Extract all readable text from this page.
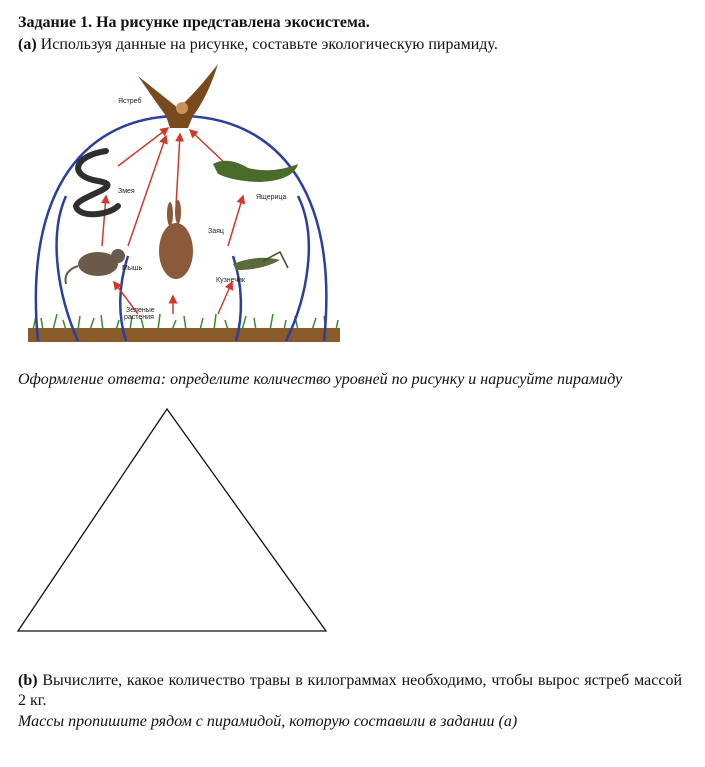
Задание 1. На рисунке представлена экосистема.
(a) Используя данные на рисунке, составьте экологическую пирамиду.
Ястреб
Змея
Ящерица
Заяц
Мышь
Кузнечик
Зеленые
растения
Оформление ответа: определите количество уровней по рисунку и нарисуйте пирамиду
(b) Вычислите, какое количество травы в килограммах необходимо, чтобы вырос ястреб массой 2 кг.
Массы пропишите рядом с пирамидой, которую составили в задании (а)
